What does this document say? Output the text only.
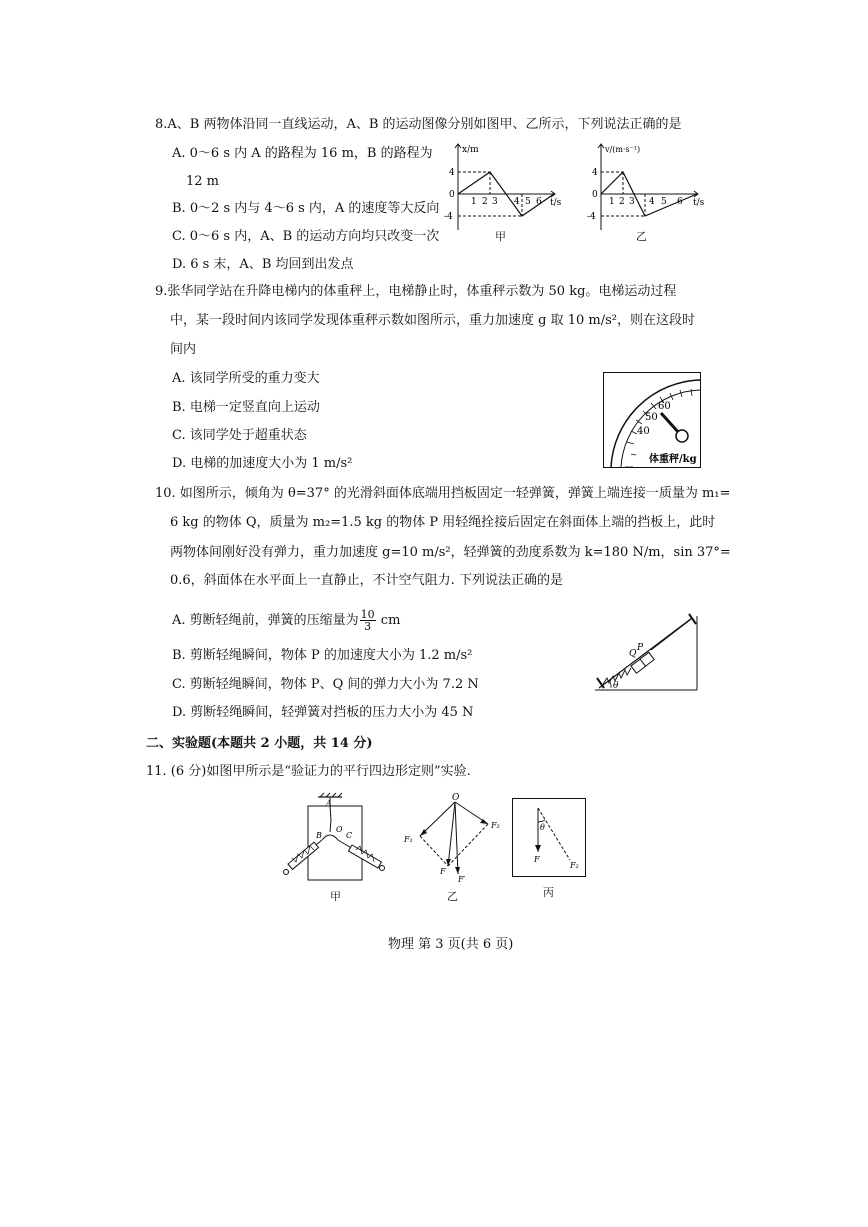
8.A、B 两物体沿同一直线运动，A、B 的运动图像分别如图甲、乙所示，下列说法正确的是
A. 0～6 s 内 A 的路程为 16 m，B 的路程为
12 m
B. 0～2 s 内与 4～6 s 内，A 的速度等大反向
C. 0～6 s 内，A、B 的运动方向均只改变一次
D. 6 s 末，A、B 均回到出发点
x/m
t/s
4
0
-4
1 2 3 4 5 6
甲
v/(m·s⁻¹)
t/s
4
0
-4
1 2 3 4 5 6
乙
9.张华同学站在升降电梯内的体重秤上，电梯静止时，体重秤示数为 50 kg。电梯运动过程
中，某一段时间内该同学发现体重秤示数如图所示，重力加速度 g 取 10 m/s²，则在这段时
间内
A. 该同学所受的重力变大
B. 电梯一定竖直向上运动
C. 该同学处于超重状态
D. 电梯的加速度大小为 1 m/s²
60
50
40
体重秤/kg
10. 如图所示，倾角为 θ=37° 的光滑斜面体底端用挡板固定一轻弹簧，弹簧上端连接一质量为 m₁=
6 kg 的物体 Q，质量为 m₂=1.5 kg 的物体 P 用轻绳拴接后固定在斜面体上端的挡板上，此时
两物体间刚好没有弹力，重力加速度 g=10 m/s²，轻弹簧的劲度系数为 k=180 N/m，sin 37°=
0.6，斜面体在水平面上一直静止，不计空气阻力. 下列说法正确的是
A. 剪断轻绳前，弹簧的压缩量为 $\frac{10}{3}$ cm
B. 剪断轻绳瞬间，物体 P 的加速度大小为 1.2 m/s²
C. 剪断轻绳瞬间，物体 P、Q 间的弹力大小为 7.2 N
D. 剪断轻绳瞬间，轻弹簧对挡板的压力大小为 45 N
Q
P
θ
二、实验题(本题共 2 小题，共 14 分)
11. (6 分)如图甲所示是“验证力的平行四边形定则”实验.
A
B
O
C
甲
O
F₁
F₂
F
F′
乙
θ
F
F₂
丙
物理 第 3 页(共 6 页)
